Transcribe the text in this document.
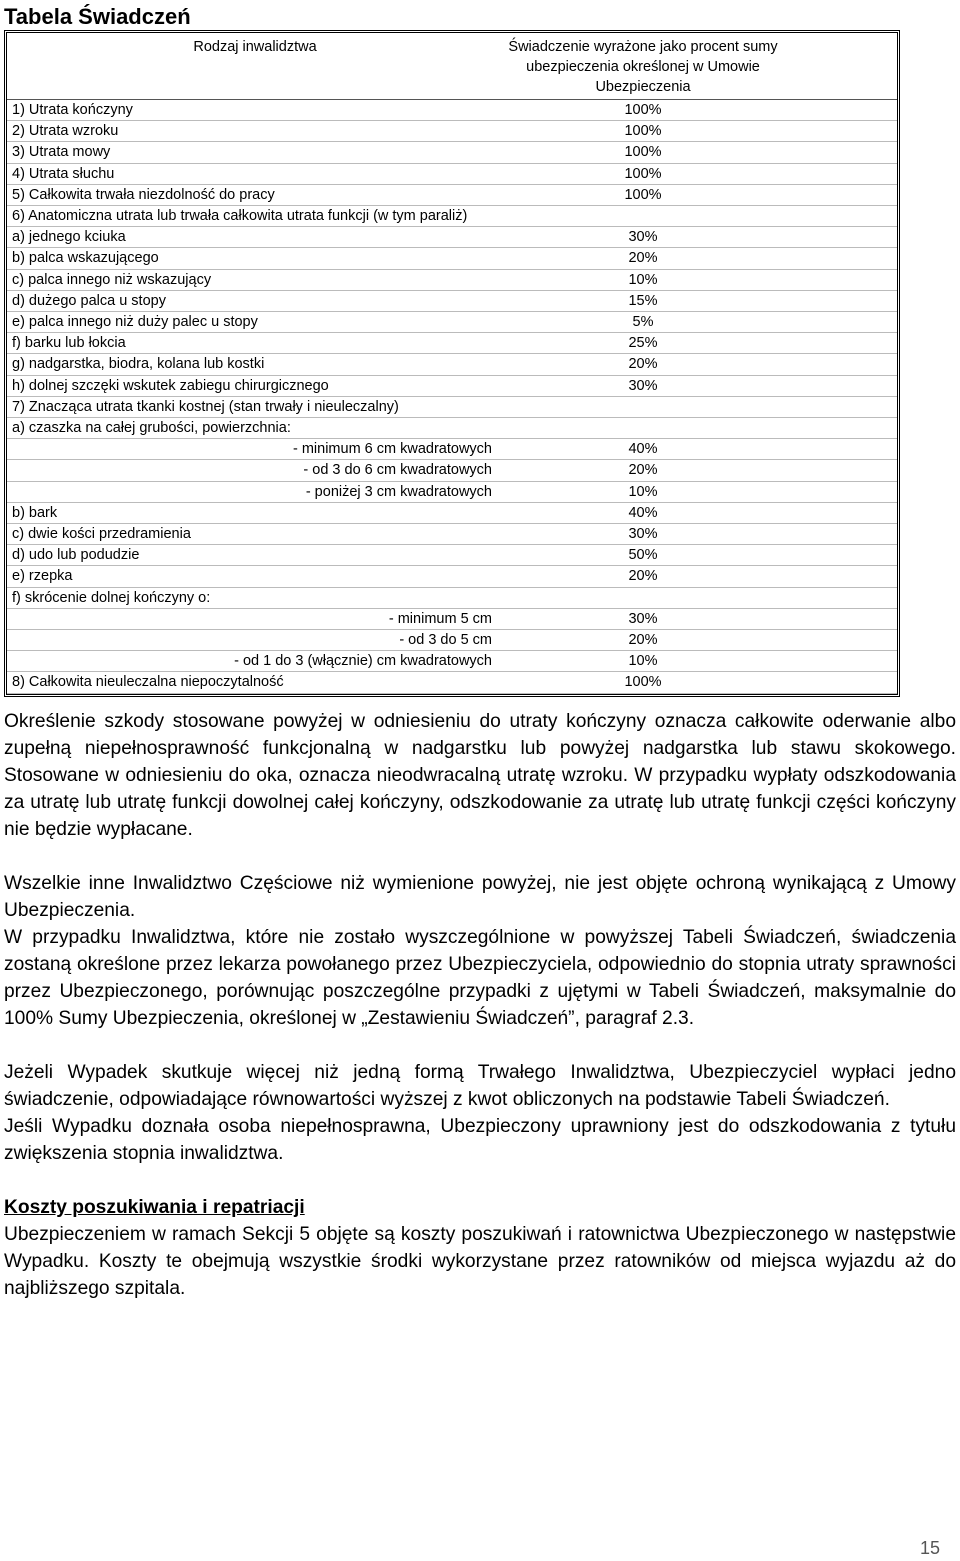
Tabela Świadczeń
Rodzaj inwalidztwa	Świadczenie wyrażone jako procent sumy ubezpieczenia określonej w Umowie Ubezpieczenia	
1) Utrata kończyny	100%	
2) Utrata wzroku	100%	
3) Utrata mowy	100%	
4) Utrata słuchu	100%	
5) Całkowita trwała niezdolność do pracy	100%	
6) Anatomiczna utrata lub trwała całkowita utrata funkcji (w tym paraliż)		
a) jednego kciuka	30%	
b) palca wskazującego	20%	
c) palca innego niż wskazujący	10%	
d) dużego palca u stopy	15%	
e) palca innego niż duży palec u stopy	5%	
f) barku lub łokcia	25%	
g) nadgarstka, biodra, kolana lub kostki	20%	
h) dolnej szczęki wskutek zabiegu chirurgicznego	30%	
7) Znacząca utrata tkanki kostnej (stan trwały i nieuleczalny)		
a) czaszka na całej grubości, powierzchnia:		
- minimum 6 cm kwadratowych	40%	
- od 3 do 6 cm kwadratowych	20%	
- poniżej 3 cm kwadratowych	10%	
b) bark	40%	
c) dwie kości przedramienia	30%	
d) udo lub podudzie	50%	
e) rzepka	20%	
f) skrócenie dolnej kończyny o:		
- minimum 5 cm	30%	
- od 3 do 5 cm	20%	
- od 1 do 3 (włącznie) cm kwadratowych	10%	
8) Całkowita nieuleczalna niepoczytalność	100%	

Określenie szkody stosowane powyżej w odniesieniu do utraty kończyny oznacza całkowite oderwanie albo zupełną niepełnosprawność funkcjonalną w nadgarstku lub powyżej nadgarstka lub stawu skokowego. Stosowane w odniesieniu do oka, oznacza nieodwracalną utratę wzroku. W przypadku wypłaty odszkodowania za utratę lub utratę funkcji dowolnej całej kończyny, odszkodowanie za utratę lub utratę funkcji części kończyny nie będzie wypłacane.

Wszelkie inne Inwalidztwo Częściowe niż wymienione powyżej, nie jest objęte ochroną wynikającą z Umowy Ubezpieczenia.

W przypadku Inwalidztwa, które nie zostało wyszczególnione w powyższej Tabeli Świadczeń, świadczenia zostaną określone przez lekarza powołanego przez Ubezpieczyciela, odpowiednio do stopnia utraty sprawności przez Ubezpieczonego, porównując poszczególne przypadki z ujętymi w Tabeli Świadczeń, maksymalnie do 100% Sumy Ubezpieczenia, określonej w „Zestawieniu Świadczeń”, paragraf 2.3.

Jeżeli Wypadek skutkuje więcej niż jedną formą Trwałego Inwalidztwa, Ubezpieczyciel wypłaci jedno świadczenie, odpowiadające równowartości wyższej z kwot obliczonych na podstawie Tabeli Świadczeń.

Jeśli Wypadku doznała osoba niepełnosprawna, Ubezpieczony uprawniony jest do odszkodowania z tytułu zwiększenia stopnia inwalidztwa.

Koszty poszukiwania i repatriacji

Ubezpieczeniem w ramach Sekcji 5 objęte są koszty poszukiwań i ratownictwa Ubezpieczonego w następstwie Wypadku. Koszty te obejmują wszystkie środki wykorzystane przez ratowników od miejsca wyjazdu aż do najbliższego szpitala.

15
